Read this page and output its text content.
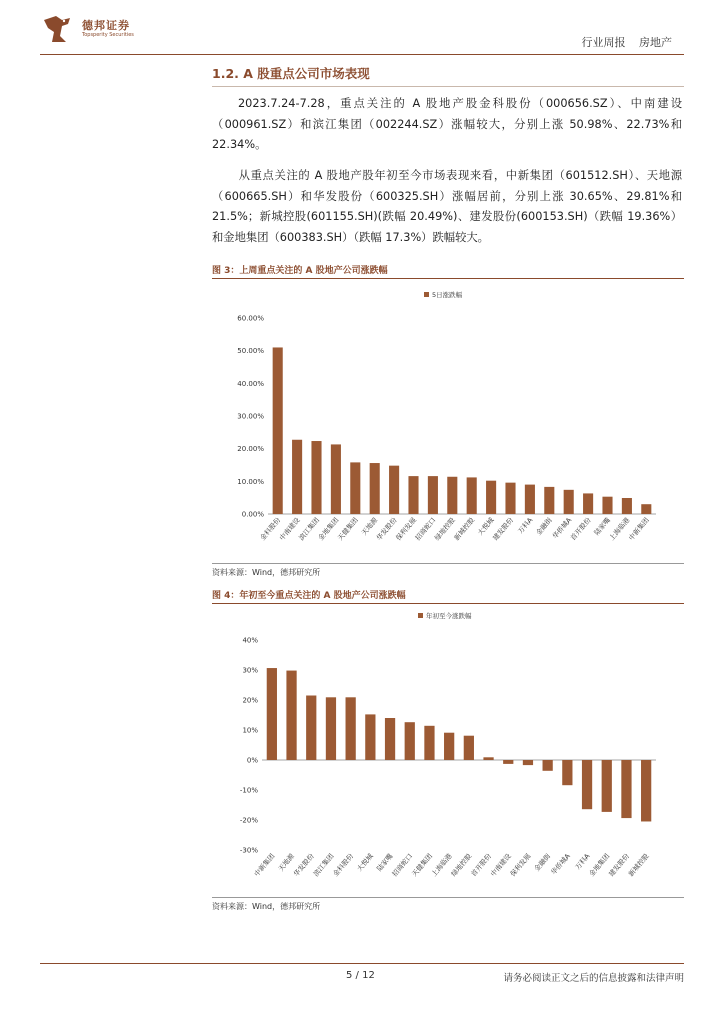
德邦证券
Topsperity Securities
行业周报 房地产
1.2. A 股重点公司市场表现
2023.7.24-7.28，重点关注的 A 股地产股金科股份（000656.SZ）、中南建设（000961.SZ）和滨江集团（002244.SZ）涨幅较大，分别上涨 50.98%、22.73%和 22.34%。
从重点关注的 A 股地产股年初至今市场表现来看，中新集团（601512.SH）、天地源（600665.SH）和华发股份（600325.SH）涨幅居前，分别上涨 30.65%、29.81%和 21.5%；新城控股(601155.SH)(跌幅 20.49%)、建发股份(600153.SH)（跌幅 19.36%）和金地集团（600383.SH）（跌幅 17.3%）跌幅较大。
图 3：上周重点关注的 A 股地产公司涨跌幅
5日涨跌幅
0.00%
10.00%
20.00%
30.00%
40.00%
50.00%
60.00%
金科股份
中南建设
滨江集团
金地集团
天健集团 天地源
华发股份
保利发展
招商蛇口
绿地控股
新城控股 大悦城
建发股份 万科A 金融街
华侨城A
首开股份 陆家嘴
上海临港
中新集团
资料来源：Wind，德邦研究所
图 4：年初至今重点关注的 A 股地产公司涨跌幅
年初至今涨跌幅
-30%
-20%
-10%
0%
10%
20%
30%
40%
中新集团 天地源
华发股份
滨江集团
金科股份 大悦城 陆家嘴
招商蛇口
天健集团
上海临港
绿地控股
首开股份
中南建设
保利发展 金融街
华侨城A 万科A
金地集团
建发股份
新城控股
资料来源：Wind，德邦研究所
5 / 12	请务必阅读正文之后的信息披露和法律声明
